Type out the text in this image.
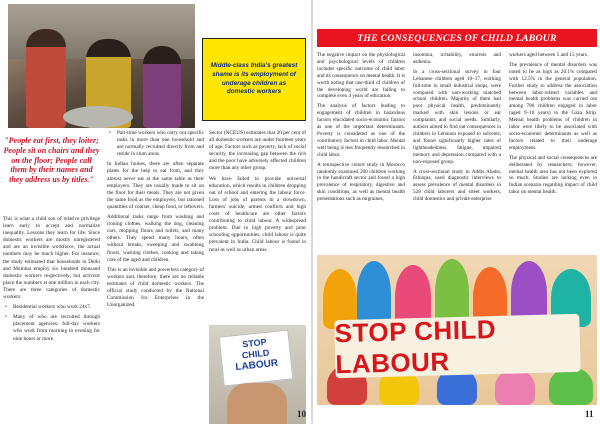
Middle-class India's greatest shame is its employment of underage children as domestic workers
"People eat first, they loiter; People sit on chairs and they on the floor; People call them by their names and they address us by titles."

This is what a child son of relative privilege learn early to accept and normalize inequality. Lessons they learn for life. Since domestic workers are mostly unregistered and are an invisible workforce, the actual numbers may be much higher. For instance, the study estimated that households in Delhi and Mumbai employ six hundred thousand domestic workers respectively, but activists place the numbers at one million in each city. There are three categories of domestic workers:

• Residential workers who work 24x7.
• Many of who are recruited through placement agencies; full-day workers who work from morning to evening for nine hours or more.
• Part-time workers who carry out specific tasks in more than one household and are normally recruited directly from and reside in slum areas.

In Indian homes, there are often separate plates for the help to eat from, and they almost never eat at the same table as their employers. They are usually made to sit on the floor for their meals. They are not given the same food as the employers, but rationed quantities of coarser, cheap food, or leftovers.

Additional tasks range from washing and ironing clothes, walking the dog, cleaning cars, mopping floors and toilets, and many others. They spend many hours, often without breaks, sweeping and swabbing floors, washing clothes, cooking and taking care of the aged and children.

This is an invisible and powerless category of workers and, therefore, there are no reliable estimates of child domestic workers. The official study conducted by the National Commission for Enterprises in the Unorganized

Sector (NCEUS) estimates that 20 per cent of all domestic workers are under fourteen years of age. Factors such as poverty, lack of social security, the increasing gap between the rich and the poor have adversely affected children more than any other group.

We have failed to provide universal education, which results in children dropping out of school and entering the labour force. Loss of jobs of parents in a slowdown, farmers' suicide, armed conflicts and high costs of healthcare are other factors contributing to child labour. A widespread problem. Due to high poverty and poor schooling opportunities, child labour is quite prevalent in India. Child labour is found in rural as well as urban areas.

STOP
CHILD
LABOUR
10
THE CONSEQUENCES OF CHILD LABOUR

The negative impact on the physiological and psychological levels of children includes specific outcome of child labor and its consequence on mental health. It is worth noting that one-third of children of the developing world are failing to complete even 4 years of education.

The analysis of factors leading to engagement of children in hazardous factors elucidated socio-economic factors as one of the important determinants. Poverty is considered as one of the contributory factors in child labor. Mental well being is less frequently researched in child labor.

A retrospective cohort study in Morocco randomly examined 200 children working in the handicraft sector and found a high prevalence of respiratory, digestive and skin conditions, as well as mental health presentations such as migraines,

insomnia, irritability, enuresis and asthenia.

In a cross-sectional survey in four Lebanese children aged 10–17, working full-time in small industrial shops, were compared with non-working matched school children. Majority of them had poor physical health, predominantly marked with skin lesions or ear complaints and social needs. Similarly, authors aimed to find out consequences in children in Lebanon exposed to solvents, and found significantly higher rates of lightheadedness, fatigue, impaired memory and depression compared with a non-exposed group.

A cross-sectional study in Addis Ababa, Ethiopia, used diagnostic interviews to assess prevalence of mental disorders in 528 child laborers and street workers, child domestics and private enterprise

workers aged between 5 and 15 years.

The prevalence of mental disorders was noted to be as high as 20.1% compared with 12.5% in the general population. Further study to address the association between labor-related variables and mental health problems was carried out among 780 children engaged in labor (aged 9–16 years) in the Gaza Strip. Mental health problems of children in labor were likely to be associated with socio-economic determinants as well as factors related to their underage employment.

The physical and social consequences are deliberated by researchers; however, mental health area has not been explored so much. Studies are lacking even in Indian scenario regarding impact of child labor on mental health.

STOP CHILD LABOUR
11
